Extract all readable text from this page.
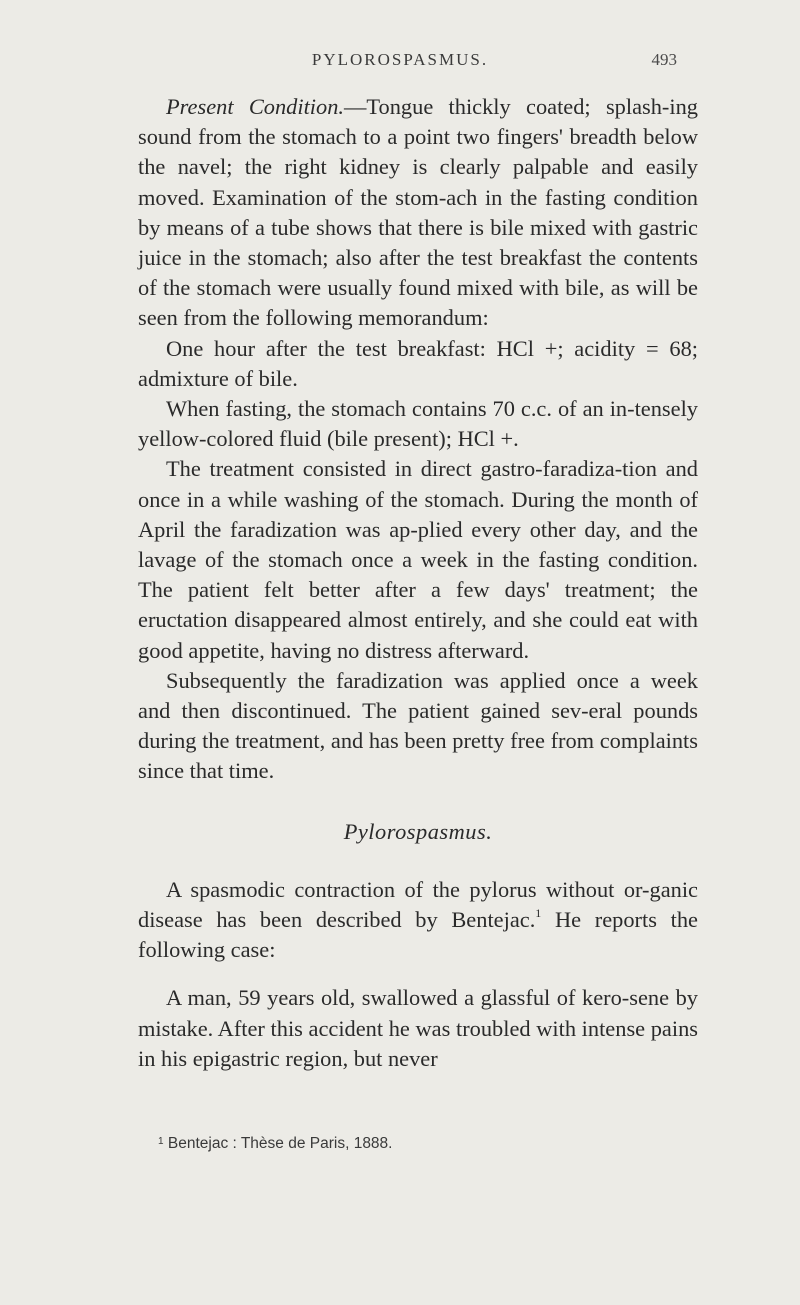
PYLOROSPASMUS.	493

Present Condition.—Tongue thickly coated; splash-ing sound from the stomach to a point two fingers' breadth below the navel; the right kidney is clearly palpable and easily moved. Examination of the stom-ach in the fasting condition by means of a tube shows that there is bile mixed with gastric juice in the stomach; also after the test breakfast the contents of the stomach were usually found mixed with bile, as will be seen from the following memorandum:

One hour after the test breakfast: HCl +; acidity = 68; admixture of bile.

When fasting, the stomach contains 70 c.c. of an in-tensely yellow-colored fluid (bile present); HCl +.

The treatment consisted in direct gastro-faradiza-tion and once in a while washing of the stomach. During the month of April the faradization was ap-plied every other day, and the lavage of the stomach once a week in the fasting condition. The patient felt better after a few days' treatment; the eructation disappeared almost entirely, and she could eat with good appetite, having no distress afterward.

Subsequently the faradization was applied once a week and then discontinued. The patient gained sev-eral pounds during the treatment, and has been pretty free from complaints since that time.

Pylorospasmus.

A spasmodic contraction of the pylorus without or-ganic disease has been described by Bentejac.$^1$ He reports the following case:

A man, 59 years old, swallowed a glassful of kero-sene by mistake. After this accident he was troubled with intense pains in his epigastric region, but never

$^1$ Bentejac : Thèse de Paris, 1888.
